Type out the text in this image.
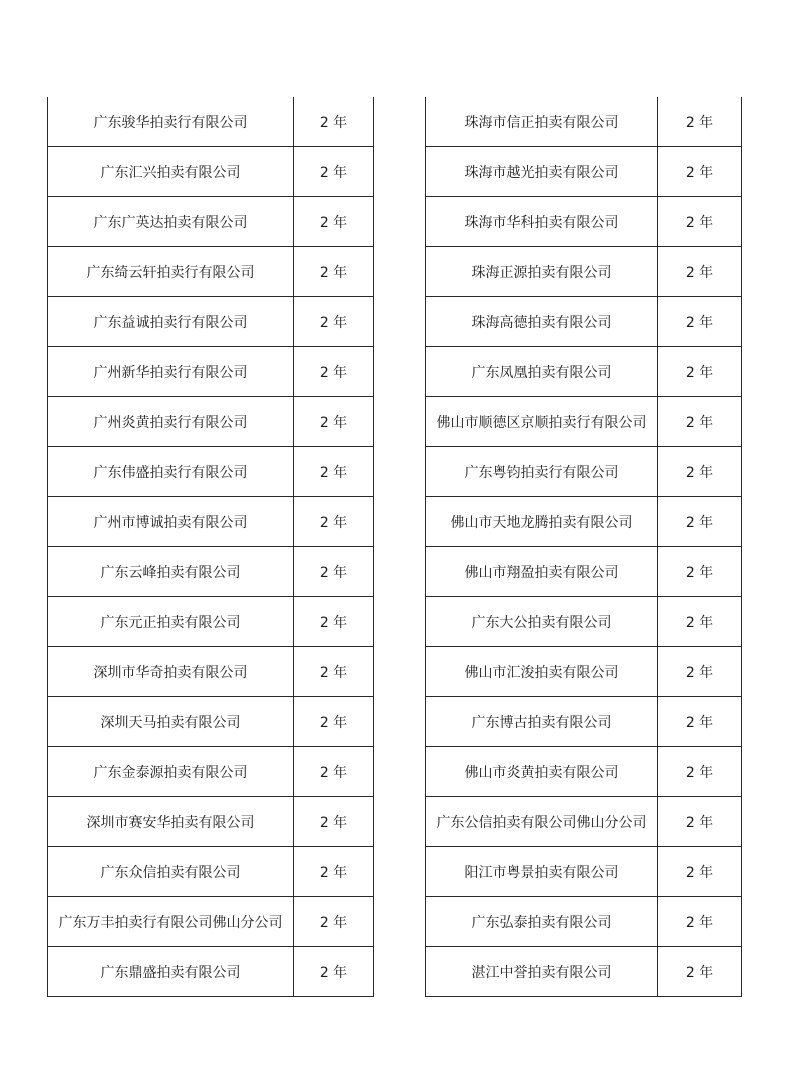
广东骏华拍卖行有限公司	2 年
广东汇兴拍卖有限公司	2 年
广东广英达拍卖有限公司	2 年
广东绮云轩拍卖行有限公司	2 年
广东益诚拍卖行有限公司	2 年
广州新华拍卖行有限公司	2 年
广州炎黄拍卖行有限公司	2 年
广东伟盛拍卖行有限公司	2 年
广州市博诚拍卖有限公司	2 年
广东云峰拍卖有限公司	2 年
广东元正拍卖有限公司	2 年
深圳市华奇拍卖有限公司	2 年
深圳天马拍卖有限公司	2 年
广东金泰源拍卖有限公司	2 年
深圳市赛安华拍卖有限公司	2 年
广东众信拍卖有限公司	2 年
广东万丰拍卖行有限公司佛山分公司	2 年
广东鼎盛拍卖有限公司	2 年
珠海市信正拍卖有限公司	2 年
珠海市越光拍卖有限公司	2 年
珠海市华科拍卖有限公司	2 年
珠海正源拍卖有限公司	2 年
珠海高德拍卖有限公司	2 年
广东凤凰拍卖有限公司	2 年
佛山市顺德区京顺拍卖行有限公司	2 年
广东粤钧拍卖行有限公司	2 年
佛山市天地龙腾拍卖有限公司	2 年
佛山市翔盈拍卖有限公司	2 年
广东大公拍卖有限公司	2 年
佛山市汇浚拍卖有限公司	2 年
广东博古拍卖有限公司	2 年
佛山市炎黄拍卖有限公司	2 年
广东公信拍卖有限公司佛山分公司	2 年
阳江市粤景拍卖有限公司	2 年
广东弘泰拍卖有限公司	2 年
湛江中誉拍卖有限公司	2 年
